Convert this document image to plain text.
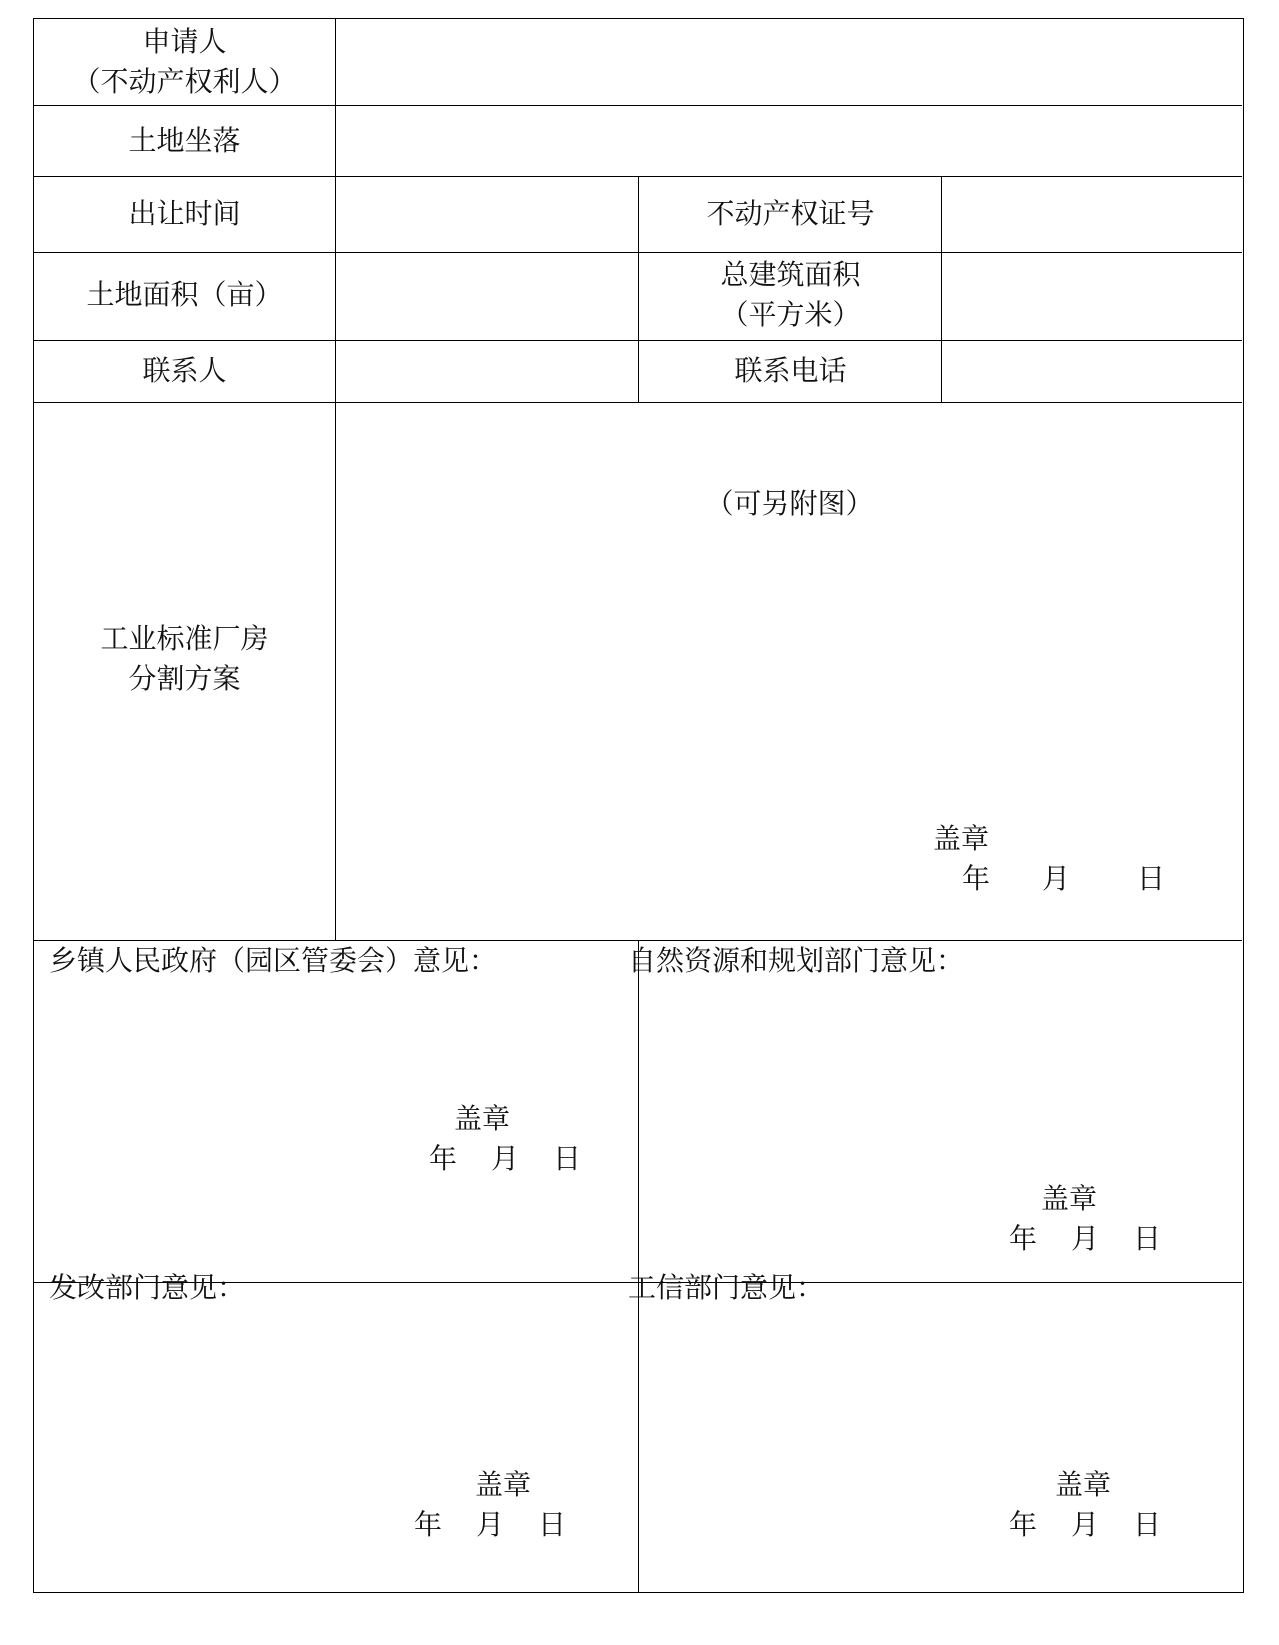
申请人
（不动产权利人）
土地坐落
出让时间	不动产权证号
土地面积（亩）
总建筑面积
（平方米）
联系人	联系电话
工业标准厂房
分割方案
（可另附图）
盖章
年 月 日
乡镇人民政府（园区管委会）意见：
盖章
年 月 日
自然资源和规划部门意见：
盖章
年 月 日
发改部门意见：
盖章
年 月 日
工信部门意见：
盖章
年 月 日
